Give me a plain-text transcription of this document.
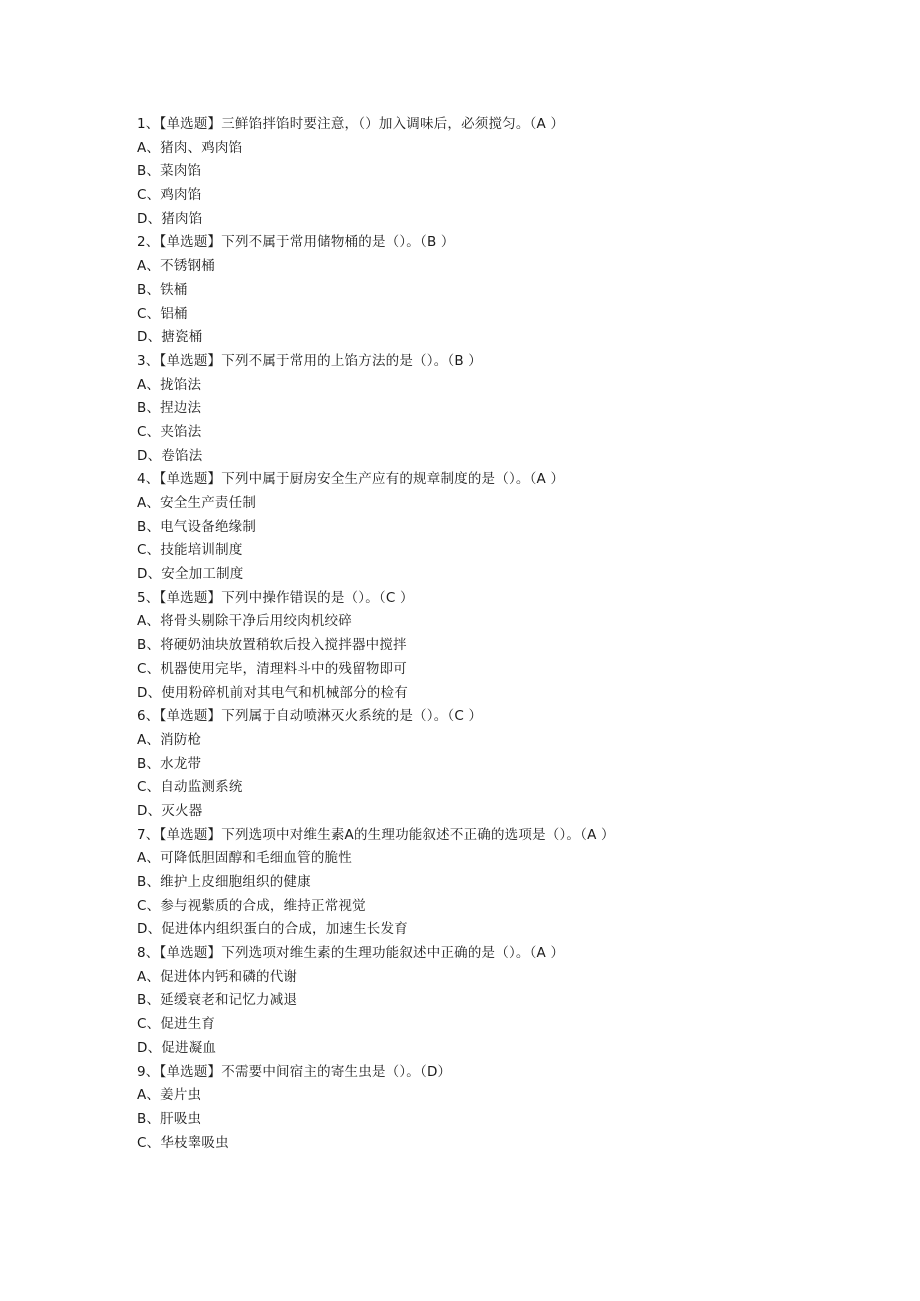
1、【单选题】三鲜馅拌馅时要注意，（）加入调味后，必须搅匀。（A ）
A、猪肉、鸡肉馅
B、菜肉馅
C、鸡肉馅
D、猪肉馅
2、【单选题】下列不属于常用储物桶的是（）。（B ）
A、不锈钢桶
B、铁桶
C、铝桶
D、搪瓷桶
3、【单选题】下列不属于常用的上馅方法的是（）。（B ）
A、拢馅法
B、捏边法
C、夹馅法
D、卷馅法
4、【单选题】下列中属于厨房安全生产应有的规章制度的是（）。（A ）
A、安全生产责任制
B、电气设备绝缘制
C、技能培训制度
D、安全加工制度
5、【单选题】下列中操作错误的是（）。（C ）
A、将骨头剔除干净后用绞肉机绞碎
B、将硬奶油块放置稍软后投入搅拌器中搅拌
C、机器使用完毕，清理料斗中的残留物即可
D、使用粉碎机前对其电气和机械部分的检有
6、【单选题】下列属于自动喷淋灭火系统的是（）。（C ）
A、消防枪
B、水龙带
C、自动监测系统
D、灭火器
7、【单选题】下列选项中对维生素A的生理功能叙述不正确的选项是（）。（A ）
A、可降低胆固醇和毛细血管的脆性
B、维护上皮细胞组织的健康
C、参与视紫质的合成，维持正常视觉
D、促进体内组织蛋白的合成，加速生长发育
8、【单选题】下列选项对维生素的生理功能叙述中正确的是（）。（A ）
A、促进体内钙和磷的代谢
B、延缓衰老和记忆力减退
C、促进生育
D、促进凝血
9、【单选题】不需要中间宿主的寄生虫是（）。（D）
A、姜片虫
B、肝吸虫
C、华枝睾吸虫
